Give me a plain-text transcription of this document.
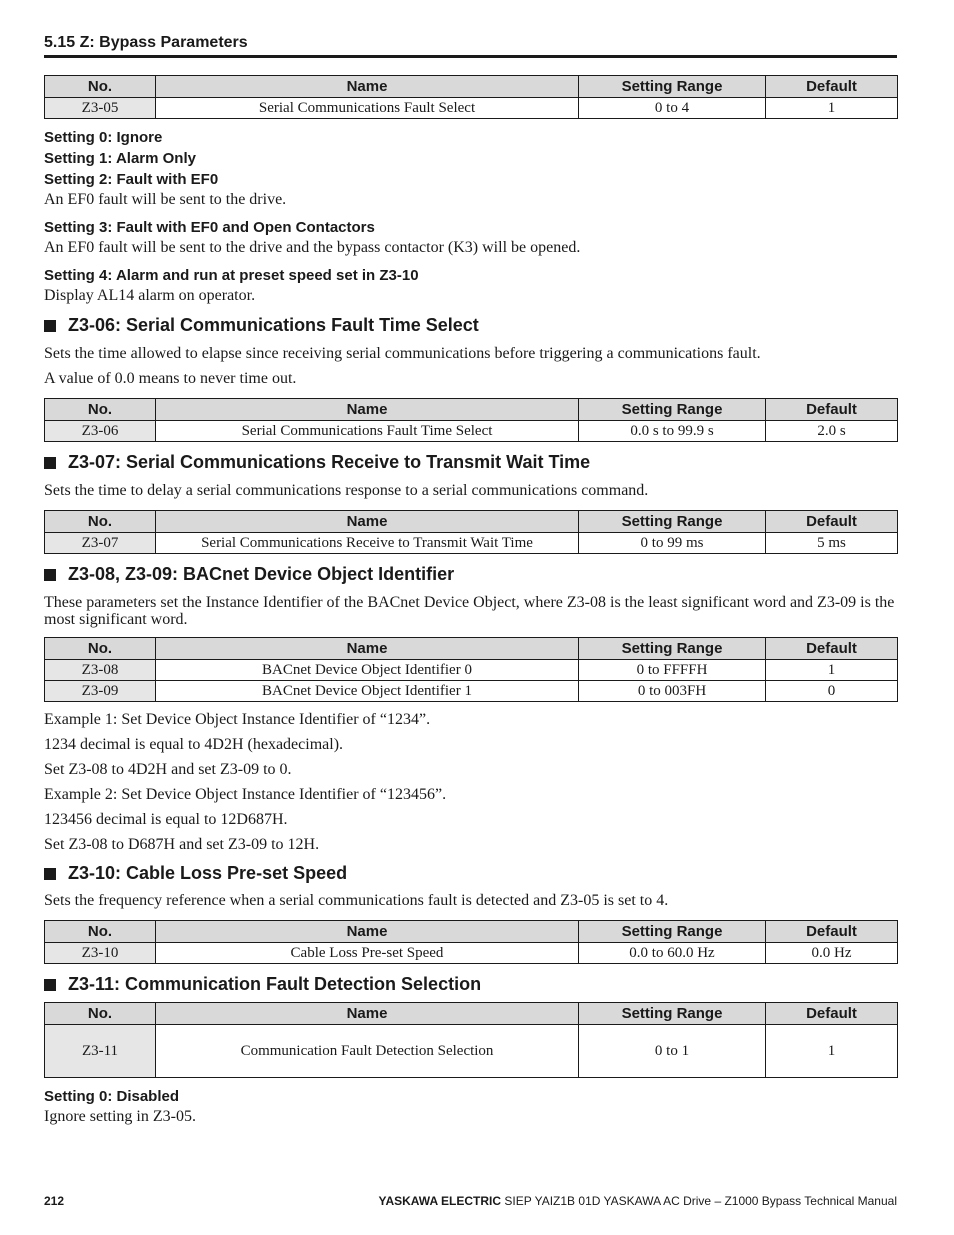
5.15 Z: Bypass Parameters
No.	Name	Setting Range	Default
Z3-05	Serial Communications Fault Select	0 to 4	1
Setting 0: Ignore
Setting 1: Alarm Only
Setting 2: Fault with EF0
An EF0 fault will be sent to the drive.
Setting 3: Fault with EF0 and Open Contactors
An EF0 fault will be sent to the drive and the bypass contactor (K3) will be opened.
Setting 4: Alarm and run at preset speed set in Z3-10
Display AL14 alarm on operator.
Z3-06: Serial Communications Fault Time Select
Sets the time allowed to elapse since receiving serial communications before triggering a communications fault.
A value of 0.0 means to never time out.
No.	Name	Setting Range	Default
Z3-06	Serial Communications Fault Time Select	0.0 s to 99.9 s	2.0 s
Z3-07: Serial Communications Receive to Transmit Wait Time
Sets the time to delay a serial communications response to a serial communications command.
No.	Name	Setting Range	Default
Z3-07	Serial Communications Receive to Transmit Wait Time	0 to 99 ms	5 ms
Z3-08, Z3-09: BACnet Device Object Identifier
These parameters set the Instance Identifier of the BACnet Device Object, where Z3-08 is the least significant word and Z3-09 is the most significant word.
No.	Name	Setting Range	Default
Z3-08	BACnet Device Object Identifier 0	0 to FFFFH	1
Z3-09	BACnet Device Object Identifier 1	0 to 003FH	0
Example 1: Set Device Object Instance Identifier of “1234”.
1234 decimal is equal to 4D2H (hexadecimal).
Set Z3-08 to 4D2H and set Z3-09 to 0.
Example 2: Set Device Object Instance Identifier of “123456”.
123456 decimal is equal to 12D687H.
Set Z3-08 to D687H and set Z3-09 to 12H.
Z3-10: Cable Loss Pre-set Speed
Sets the frequency reference when a serial communications fault is detected and Z3-05 is set to 4.
No.	Name	Setting Range	Default
Z3-10	Cable Loss Pre-set Speed	0.0 to 60.0 Hz	0.0 Hz
Z3-11: Communication Fault Detection Selection
No.	Name	Setting Range	Default
Z3-11	Communication Fault Detection Selection	0 to 1	1
Setting 0: Disabled
Ignore setting in Z3-05.
212	YASKAWA ELECTRIC SIEP YAIZ1B 01D YASKAWA AC Drive – Z1000 Bypass Technical Manual
